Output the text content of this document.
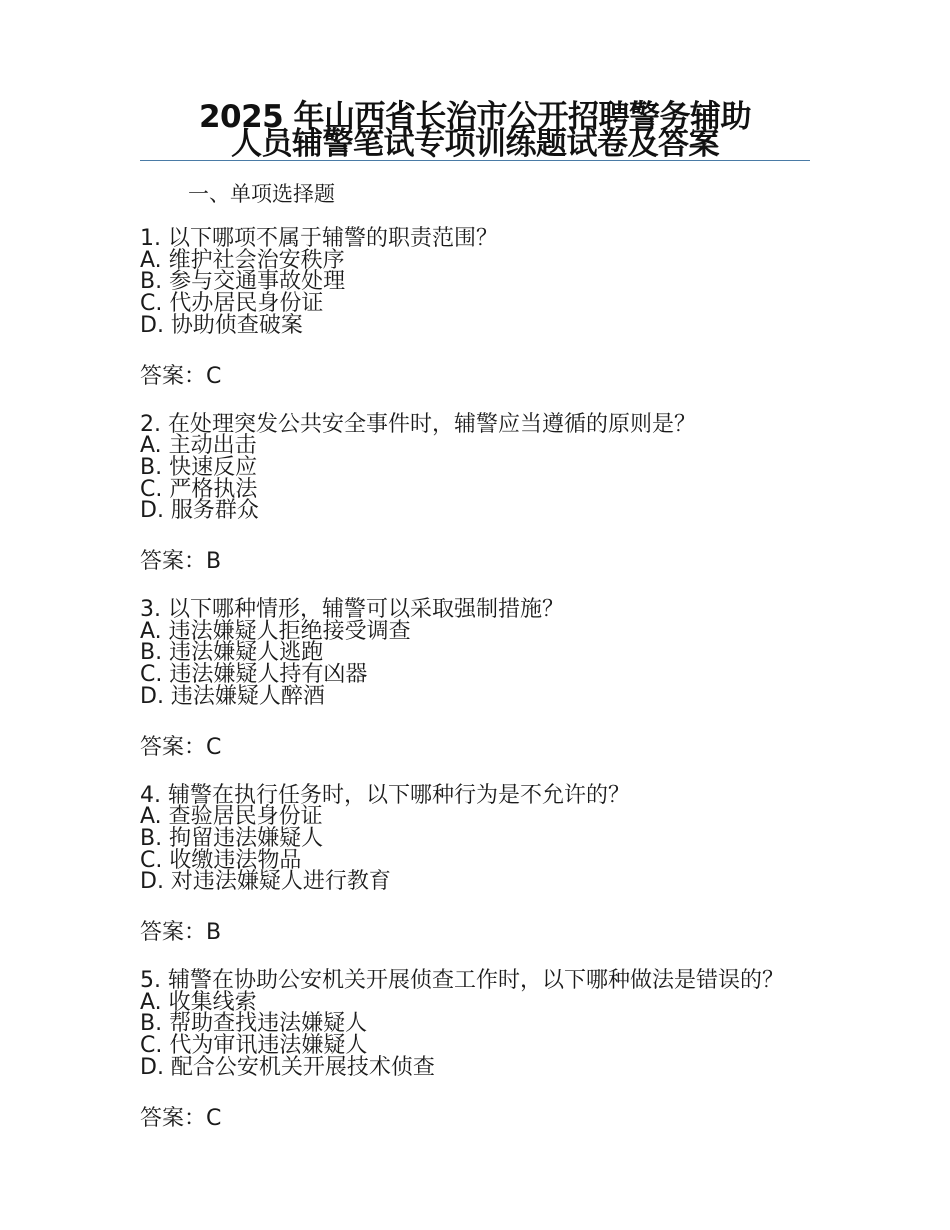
2025 年山西省长治市公开招聘警务辅助
人员辅警笔试专项训练题试卷及答案
一、单项选择题

1. 以下哪项不属于辅警的职责范围？

A. 维护社会治安秩序

B. 参与交通事故处理

C. 代办居民身份证

D. 协助侦查破案

答案：C

2. 在处理突发公共安全事件时，辅警应当遵循的原则是？

A. 主动出击

B. 快速反应

C. 严格执法

D. 服务群众

答案：B

3. 以下哪种情形，辅警可以采取强制措施？

A. 违法嫌疑人拒绝接受调查

B. 违法嫌疑人逃跑

C. 违法嫌疑人持有凶器

D. 违法嫌疑人醉酒

答案：C

4. 辅警在执行任务时，以下哪种行为是不允许的？

A. 查验居民身份证

B. 拘留违法嫌疑人

C. 收缴违法物品

D. 对违法嫌疑人进行教育

答案：B

5. 辅警在协助公安机关开展侦查工作时，以下哪种做法是错误的？

A. 收集线索

B. 帮助查找违法嫌疑人

C. 代为审讯违法嫌疑人

D. 配合公安机关开展技术侦查

答案：C
